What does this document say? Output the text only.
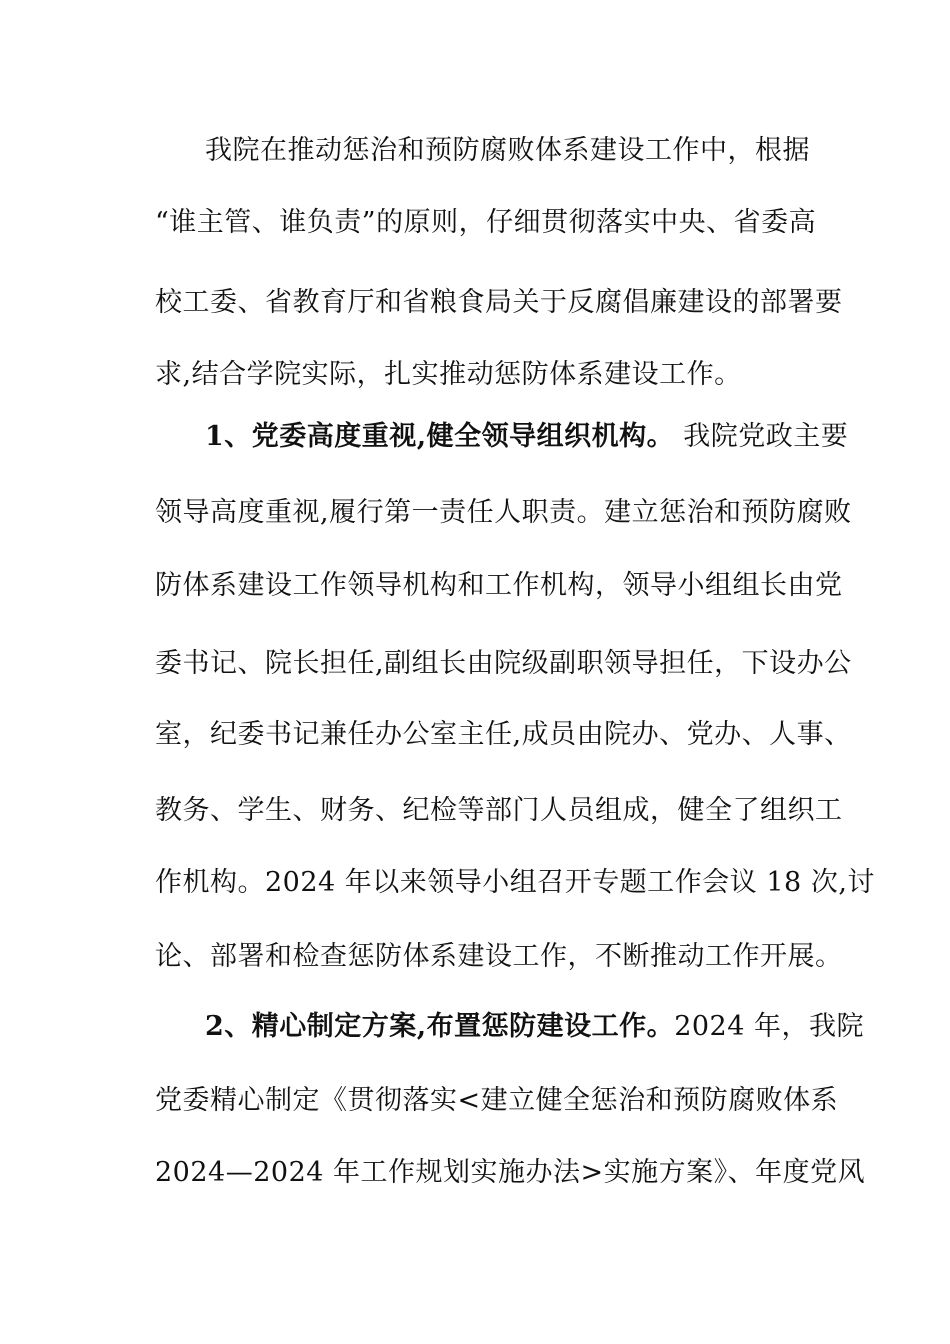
我院在推动惩治和预防腐败体系建设工作中，根据
“谁主管、谁负责”的原则，仔细贯彻落实中央、省委高
校工委、省教育厅和省粮食局关于反腐倡廉建设的部署要
求,结合学院实际，扎实推动惩防体系建设工作。
1、党委高度重视,健全领导组织机构。 我院党政主要
领导高度重视,履行第一责任人职责。建立惩治和预防腐败
防体系建设工作领导机构和工作机构，领导小组组长由党
委书记、院长担任,副组长由院级副职领导担任，下设办公
室，纪委书记兼任办公室主任,成员由院办、党办、人事、
教务、学生、财务、纪检等部门人员组成，健全了组织工
作机构。2024 年以来领导小组召开专题工作会议 18 次,讨
论、部署和检查惩防体系建设工作，不断推动工作开展。
2、精心制定方案,布置惩防建设工作。2024 年，我院
党委精心制定《贯彻落实<建立健全惩治和预防腐败体系
2024—2024 年工作规划实施办法>实施方案》、年度党风
